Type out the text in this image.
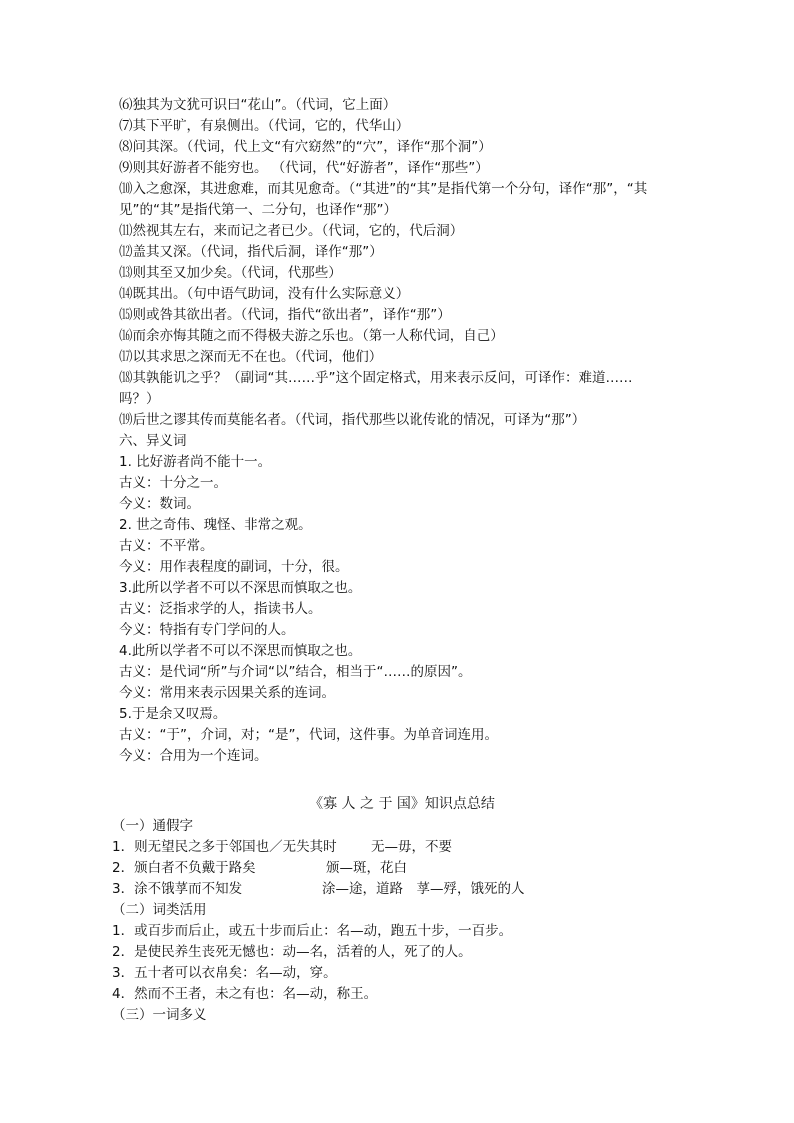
⑹独其为文犹可识曰“花山”。（代词，它上面）
⑺其下平旷，有泉侧出。（代词，它的，代华山）
⑻问其深。（代词，代上文“有穴窈然”的“穴”，译作“那个洞”）
⑼则其好游者不能穷也。 （代词，代“好游者”，译作“那些”）
⑽入之愈深，其进愈难，而其见愈奇。（“其进”的“其”是指代第一个分句，译作“那”，“其
见”的“其”是指代第一、二分句，也译作“那”）
⑾然视其左右，来而记之者已少。（代词，它的，代后洞）
⑿盖其又深。（代词，指代后洞，译作“那”）
⒀则其至又加少矣。（代词，代那些）
⒁既其出。（句中语气助词，没有什么实际意义）
⒂则或咎其欲出者。（代词，指代“欲出者”，译作“那”）
⒃而余亦悔其随之而不得极夫游之乐也。（第一人称代词，自己）
⒄以其求思之深而无不在也。（代词，他们）
⒅其孰能讥之乎？（副词“其……乎”这个固定格式，用来表示反问，可译作：难道……
吗？）
⒆后世之谬其传而莫能名者。（代词，指代那些以讹传讹的情况，可译为“那”）
六、异义词
1. 比好游者尚不能十一。
古义：十分之一。
今义：数词。
2. 世之奇伟、瑰怪、非常之观。
古义：不平常。
今义：用作表程度的副词，十分，很。
3.此所以学者不可以不深思而慎取之也。
古义：泛指求学的人，指读书人。
今义：特指有专门学问的人。
4.此所以学者不可以不深思而慎取之也。
古义：是代词“所”与介词“以”结合，相当于“……的原因”。
今义：常用来表示因果关系的连词。
5.于是余又叹焉。
古义：“于”，介词，对；“是”，代词，这件事。为单音词连用。
今义：合用为一个连词。
《寡 人 之 于 国》知识点总结
（一）通假字
1．则无望民之多于邻国也／无失其时	无—毋，不要
2．颁白者不负戴于路矣	颁—斑，花白
3．涂不饿莩而不知发	涂—途，道路　莩—殍，饿死的人
（二）词类活用
1．或百步而后止，或五十步而后止：名—动，跑五十步，一百步。
2．是使民养生丧死无憾也：动—名，活着的人，死了的人。
3．五十者可以衣帛矣：名—动，穿。
4．然而不王者，未之有也：名—动，称王。
（三）一词多义
